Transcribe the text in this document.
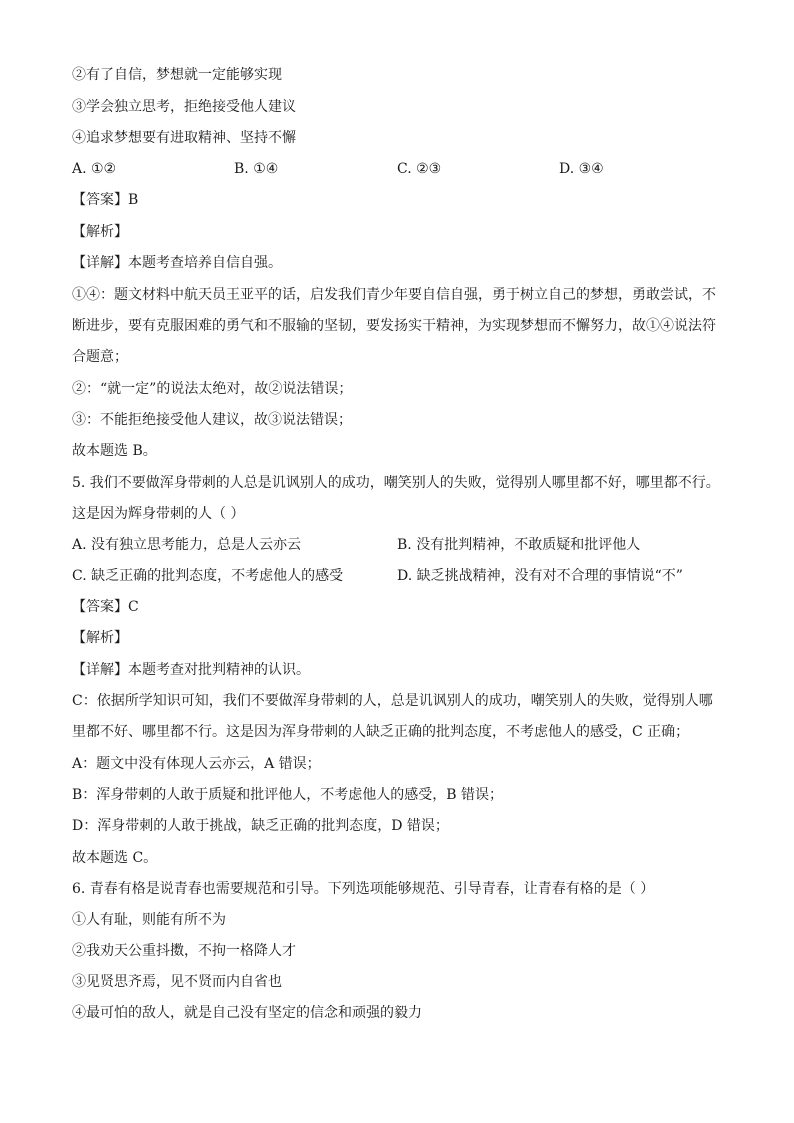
②有了自信，梦想就一定能够实现
③学会独立思考，拒绝接受他人建议
④追求梦想要有进取精神、坚持不懈
A. ①②	B. ①④	C. ②③	D. ③④
【答案】B
【解析】
【详解】本题考查培养自信自强。
①④：题文材料中航天员王亚平的话，启发我们青少年要自信自强，勇于树立自己的梦想，勇敢尝试，不
断进步，要有克服困难的勇气和不服输的坚韧，要发扬实干精神，为实现梦想而不懈努力，故①④说法符
合题意；
②：“就一定”的说法太绝对，故②说法错误；
③：不能拒绝接受他人建议，故③说法错误；
故本题选 B。
5. 我们不要做浑身带刺的人总是讥讽别人的成功，嘲笑别人的失败，觉得别人哪里都不好，哪里都不行。
这是因为辉身带刺的人（ ）
A. 没有独立思考能力，总是人云亦云	B. 没有批判精神，不敢质疑和批评他人
C. 缺乏正确的批判态度，不考虑他人的感受	D. 缺乏挑战精神，没有对不合理的事情说“不”
【答案】C
【解析】
【详解】本题考查对批判精神的认识。
C：依据所学知识可知，我们不要做浑身带刺的人，总是讥讽别人的成功，嘲笑别人的失败，觉得别人哪
里都不好、哪里都不行。这是因为浑身带刺的人缺乏正确的批判态度，不考虑他人的感受，C 正确；
A：题文中没有体现人云亦云，A 错误；
B：浑身带刺的人敢于质疑和批评他人，不考虑他人的感受，B 错误；
D：浑身带刺的人敢于挑战，缺乏正确的批判态度，D 错误；
故本题选 C。
6. 青春有格是说青春也需要规范和引导。下列选项能够规范、引导青春，让青春有格的是（ ）
①人有耻，则能有所不为
②我劝天公重抖擞，不拘一格降人才
③见贤思齐焉，见不贤而内自省也
④最可怕的敌人，就是自己没有坚定的信念和顽强的毅力
